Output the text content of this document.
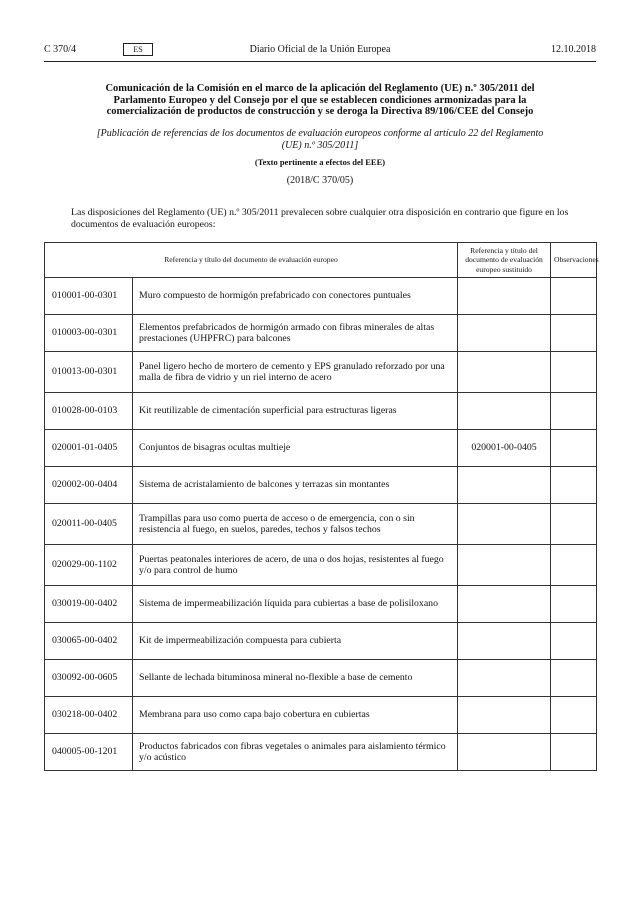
C 370/4	ES	Diario Oficial de la Unión Europea	12.10.2018
Comunicación de la Comisión en el marco de la aplicación del Reglamento (UE) n.º 305/2011 del Parlamento Europeo y del Consejo por el que se establecen condiciones armonizadas para la comercialización de productos de construcción y se deroga la Directiva 89/106/CEE del Consejo
[Publicación de referencias de los documentos de evaluación europeos conforme al artículo 22 del Reglamento (UE) n.º 305/2011]
(Texto pertinente a efectos del EEE)
(2018/C 370/05)
Las disposiciones del Reglamento (UE) n.º 305/2011 prevalecen sobre cualquier otra disposición en contrario que figure en los documentos de evaluación europeos:
Referencia y título del documento de evaluación europeo		Referencia y título del documento de evaluación europeo sustituido	Observaciones
010001-00-0301	Muro compuesto de hormigón prefabricado con conectores puntuales		
010003-00-0301	Elementos prefabricados de hormigón armado con fibras minerales de altas prestaciones (UHPFRC) para balcones		
010013-00-0301	Panel ligero hecho de mortero de cemento y EPS granulado reforzado por una malla de fibra de vidrio y un riel interno de acero		
010028-00-0103	Kit reutilizable de cimentación superficial para estructuras ligeras		
020001-01-0405	Conjuntos de bisagras ocultas multieje	020001-00-0405	
020002-00-0404	Sistema de acristalamiento de balcones y terrazas sin montantes		
020011-00-0405	Trampillas para uso como puerta de acceso o de emergencia, con o sin resistencia al fuego, en suelos, paredes, techos y falsos techos		
020029-00-1102	Puertas peatonales interiores de acero, de una o dos hojas, resistentes al fuego y/o para control de humo		
030019-00-0402	Sistema de impermeabilización líquida para cubiertas a base de polisiloxano		
030065-00-0402	Kit de impermeabilización compuesta para cubierta		
030092-00-0605	Sellante de lechada bituminosa mineral no-flexible a base de cemento		
030218-00-0402	Membrana para uso como capa bajo cobertura en cubiertas		
040005-00-1201	Productos fabricados con fibras vegetales o animales para aislamiento térmico y/o acústico		
